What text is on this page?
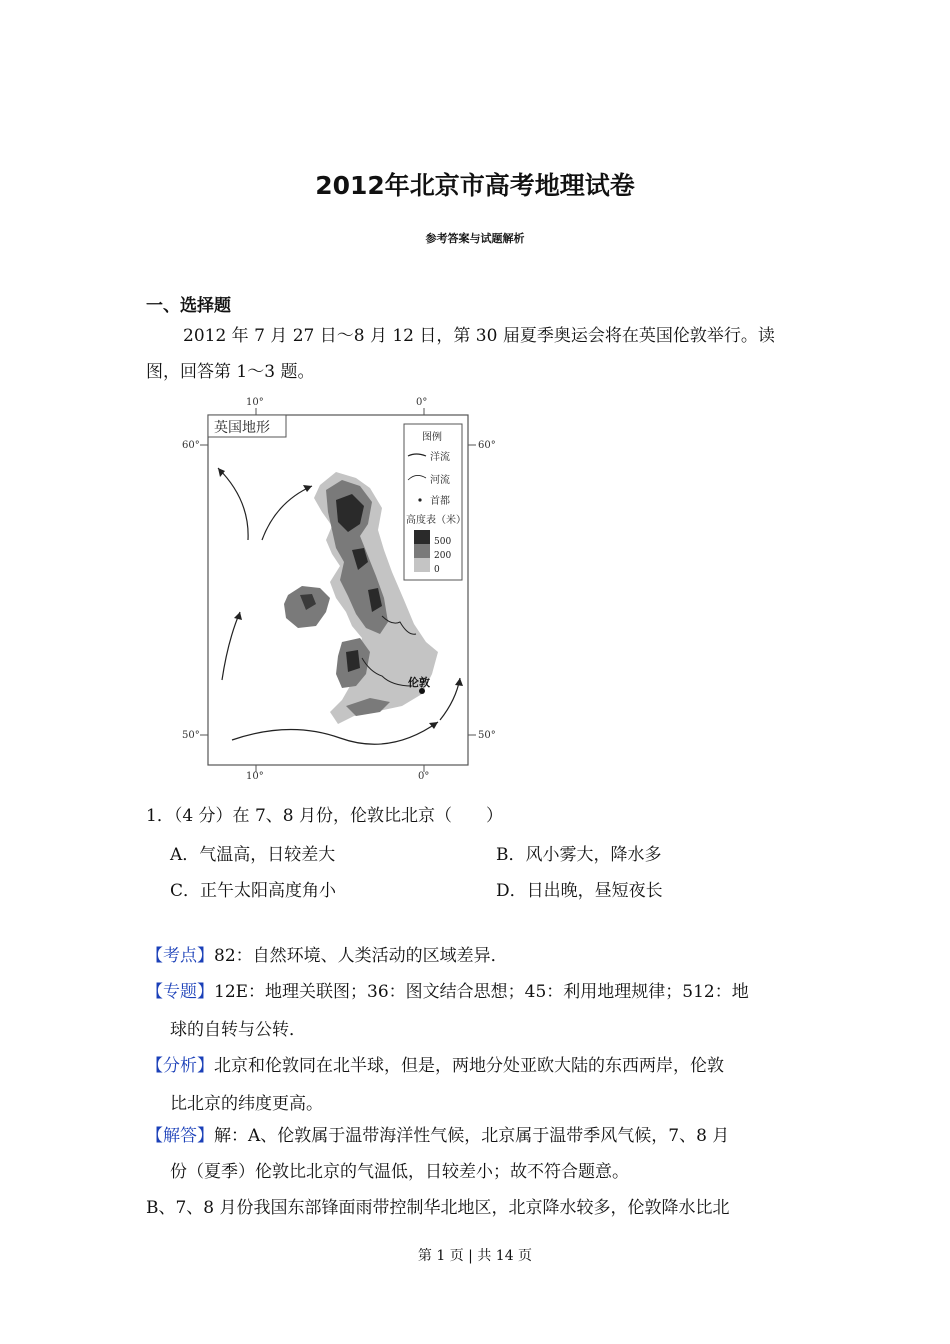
2012年北京市高考地理试卷
参考答案与试题解析
一、选择题
2012 年 7 月 27 日～8 月 12 日，第 30 届夏季奥运会将在英国伦敦举行。读
图，回答第 1～3 题。
10°	0°
10°	0°
60°	60°
50°	50°
英国地形
伦敦
图例
洋流
河流
首都
高度表（米）
500
200
0
1．（4 分）在 7、8 月份，伦敦比北京（　　）
A．气温高，日较差大	B．风小雾大，降水多
C．正午太阳高度角小	D．日出晚，昼短夜长
【考点】82：自然环境、人类活动的区域差异．
【专题】12E：地理关联图；36：图文结合思想；45：利用地理规律；512：地
球的自转与公转．
【分析】北京和伦敦同在北半球，但是，两地分处亚欧大陆的东西两岸，伦敦
比北京的纬度更高。
【解答】解：A、伦敦属于温带海洋性气候，北京属于温带季风气候，7、8 月
份（夏季）伦敦比北京的气温低，日较差小；故不符合题意。
B、7、8 月份我国东部锋面雨带控制华北地区，北京降水较多，伦敦降水比北
第 1 页 | 共 14 页
